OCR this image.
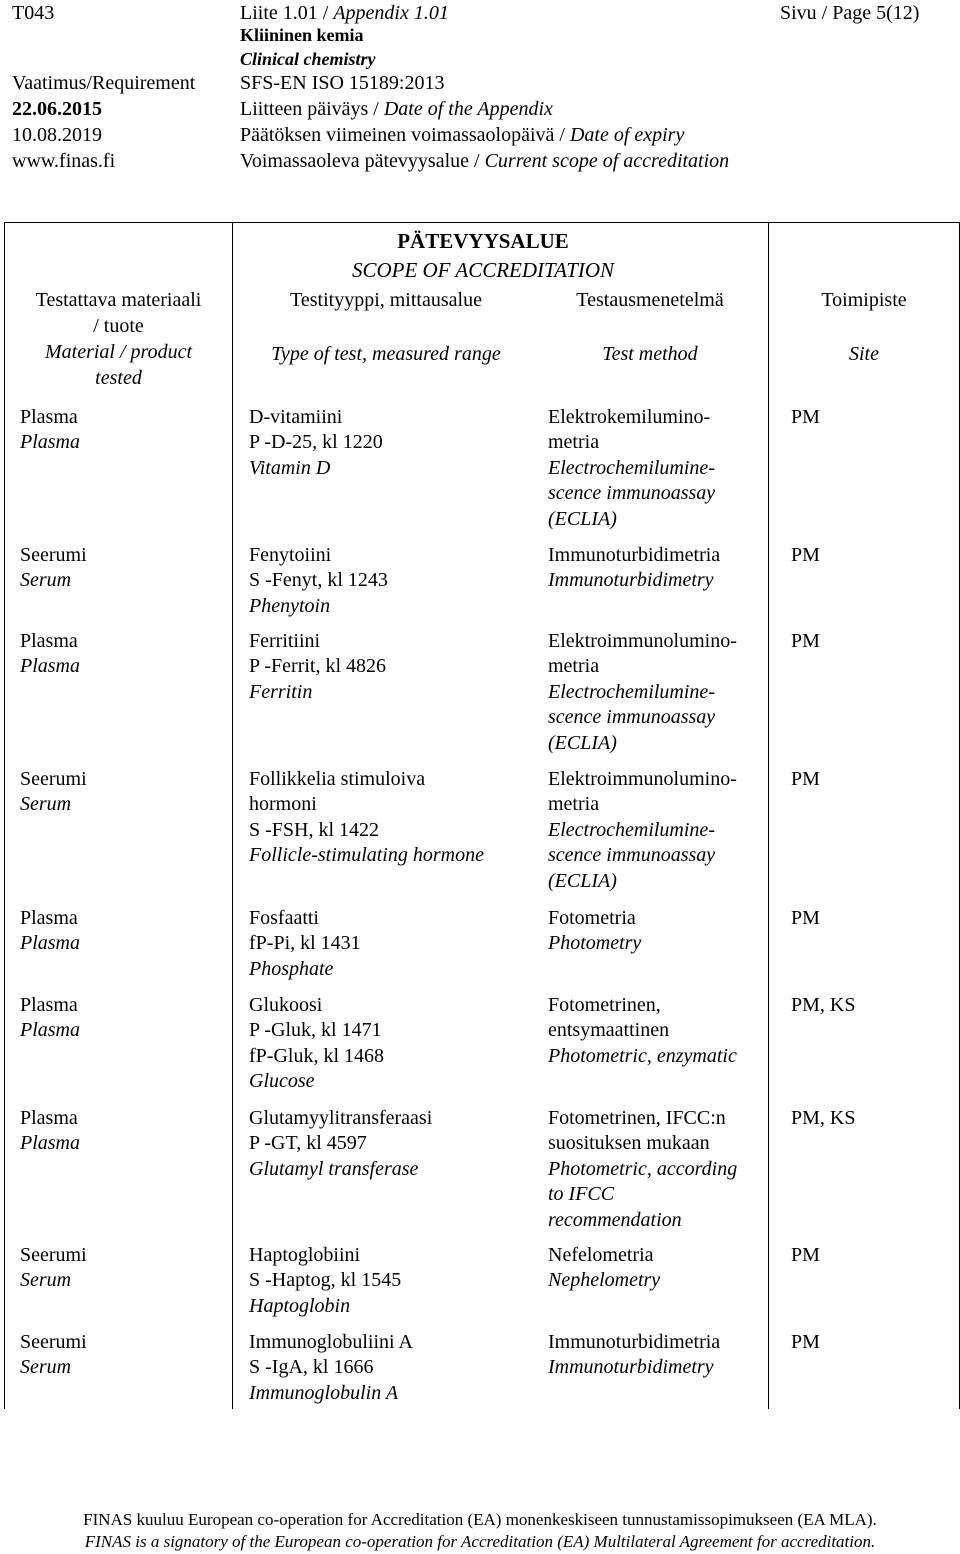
T043
Vaatimus/Requirement
22.06.2015
10.08.2019
www.finas.fi
Liite 1.01 / Appendix 1.01
Kliininen kemia
Clinical chemistry
SFS-EN ISO 15189:2013
Liitteen päiväys / Date of the Appendix
Päätöksen viimeinen voimassaolopäivä / Date of expiry
Voimassaoleva pätevyysalue / Current scope of accreditation
Sivu / Page 5(12)
PÄTEVYYSALUE
SCOPE OF ACCREDITATION
Testattava materiaali
/ tuote
Material / product
tested
Testityyppi, mittausalue
Type of test, measured range
Testausmenetelmä
Test method
Toimipiste
Site
Plasma
Plasma
D-vitamiini
P -D-25, kl 1220
Vitamin D
Elektrokemilumino-
metria
Electrochemilumine-
scence immunoassay
(ECLIA)
PM
Seerumi
Serum
Fenytoiini
S -Fenyt, kl 1243
Phenytoin
Immunoturbidimetria
Immunoturbidimetry
PM
Plasma
Plasma
Ferritiini
P -Ferrit, kl 4826
Ferritin
Elektroimmunolumino-
metria
Electrochemilumine-
scence immunoassay
(ECLIA)
PM
Seerumi
Serum
Follikkelia stimuloiva
hormoni
S -FSH, kl 1422
Follicle-stimulating hormone
Elektroimmunolumino-
metria
Electrochemilumine-
scence immunoassay
(ECLIA)
PM
Plasma
Plasma
Fosfaatti
fP-Pi, kl 1431
Phosphate
Fotometria
Photometry
PM
Plasma
Plasma
Glukoosi
P -Gluk, kl 1471
fP-Gluk, kl 1468
Glucose
Fotometrinen,
entsymaattinen
Photometric, enzymatic
PM, KS
Plasma
Plasma
Glutamyylitransferaasi
P -GT, kl 4597
Glutamyl transferase
Fotometrinen, IFCC:n
suosituksen mukaan
Photometric, according
to IFCC
recommendation
PM, KS
Seerumi
Serum
Haptoglobiini
S -Haptog, kl 1545
Haptoglobin
Nefelometria
Nephelometry
PM
Seerumi
Serum
Immunoglobuliini A
S -IgA, kl 1666
Immunoglobulin A
Immunoturbidimetria
Immunoturbidimetry
PM
FINAS kuuluu European co-operation for Accreditation (EA) monenkeskiseen tunnustamissopimukseen (EA MLA).
FINAS is a signatory of the European co-operation for Accreditation (EA) Multilateral Agreement for accreditation.
